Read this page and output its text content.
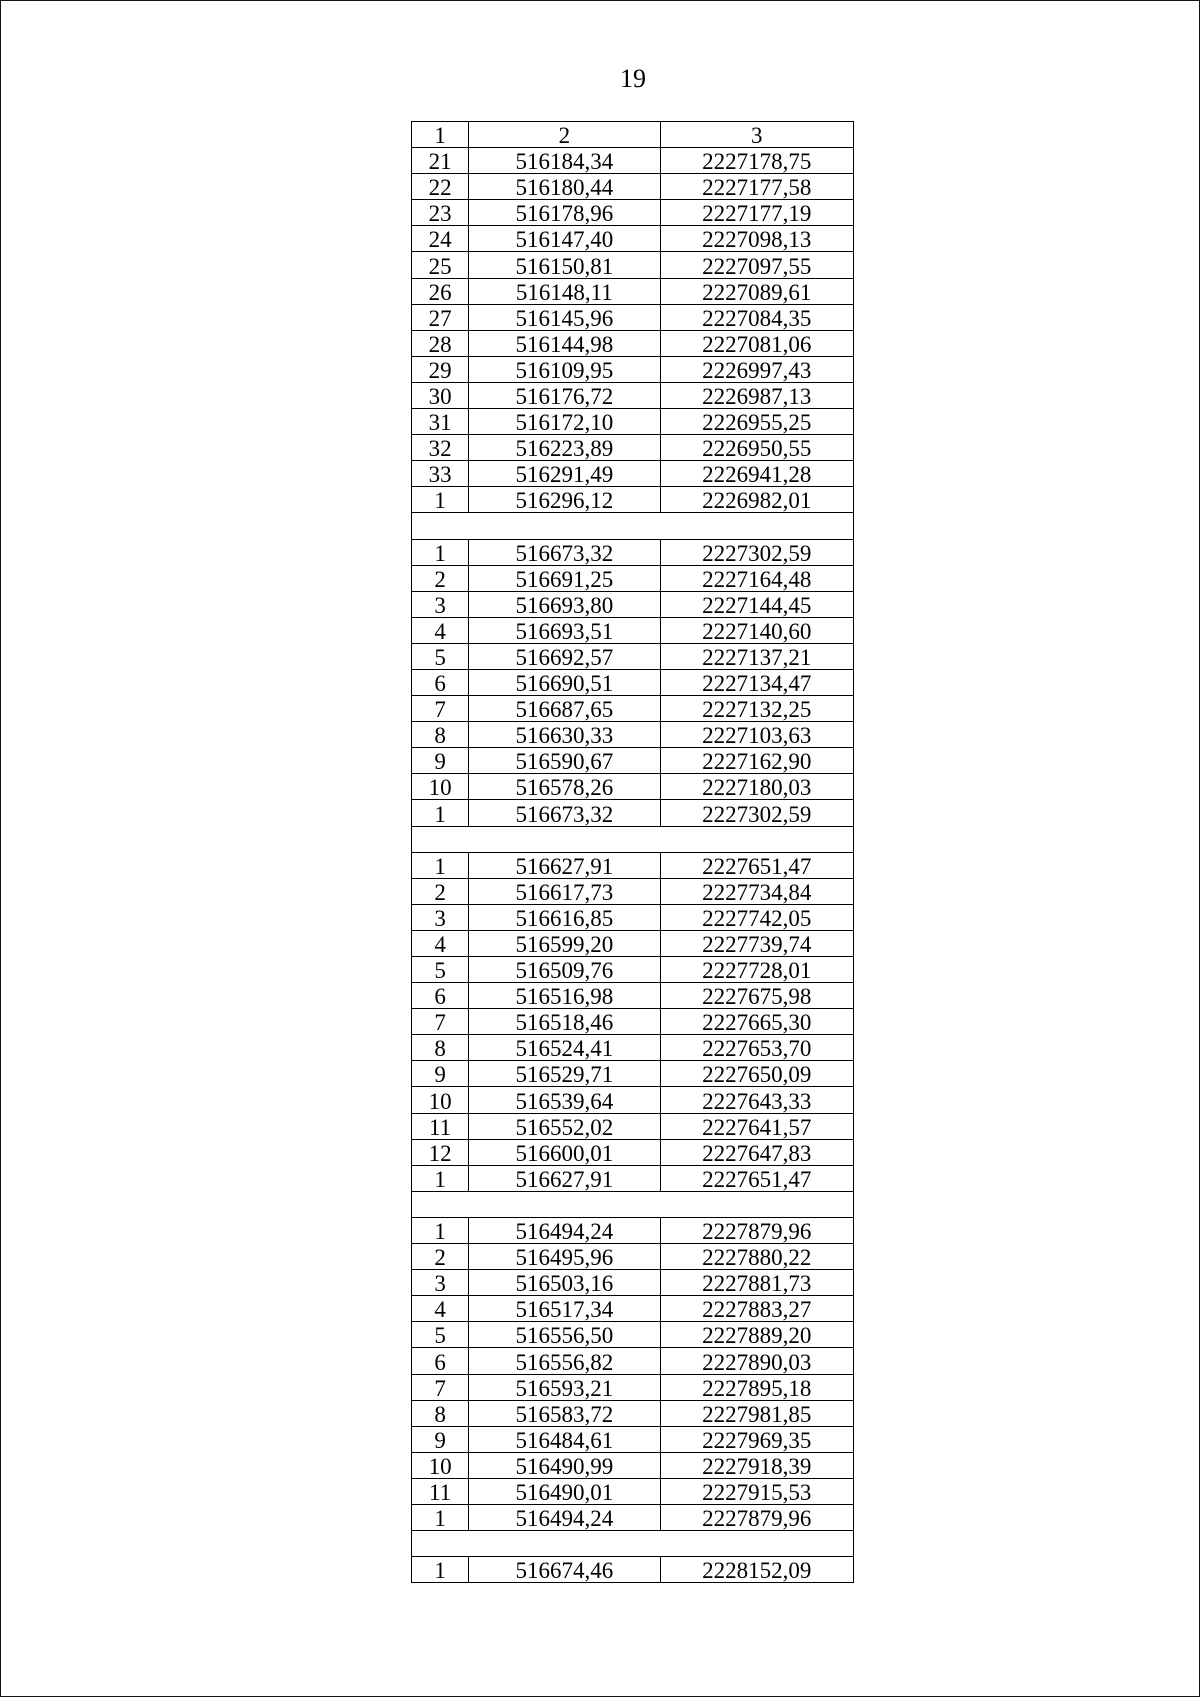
19
1	2	3
21	516184,34	2227178,75
22	516180,44	2227177,58
23	516178,96	2227177,19
24	516147,40	2227098,13
25	516150,81	2227097,55
26	516148,11	2227089,61
27	516145,96	2227084,35
28	516144,98	2227081,06
29	516109,95	2226997,43
30	516176,72	2226987,13
31	516172,10	2226955,25
32	516223,89	2226950,55
33	516291,49	2226941,28
1	516296,12	2226982,01

1	516673,32	2227302,59
2	516691,25	2227164,48
3	516693,80	2227144,45
4	516693,51	2227140,60
5	516692,57	2227137,21
6	516690,51	2227134,47
7	516687,65	2227132,25
8	516630,33	2227103,63
9	516590,67	2227162,90
10	516578,26	2227180,03
1	516673,32	2227302,59

1	516627,91	2227651,47
2	516617,73	2227734,84
3	516616,85	2227742,05
4	516599,20	2227739,74
5	516509,76	2227728,01
6	516516,98	2227675,98
7	516518,46	2227665,30
8	516524,41	2227653,70
9	516529,71	2227650,09
10	516539,64	2227643,33
11	516552,02	2227641,57
12	516600,01	2227647,83
1	516627,91	2227651,47

1	516494,24	2227879,96
2	516495,96	2227880,22
3	516503,16	2227881,73
4	516517,34	2227883,27
5	516556,50	2227889,20
6	516556,82	2227890,03
7	516593,21	2227895,18
8	516583,72	2227981,85
9	516484,61	2227969,35
10	516490,99	2227918,39
11	516490,01	2227915,53
1	516494,24	2227879,96

1	516674,46	2228152,09
